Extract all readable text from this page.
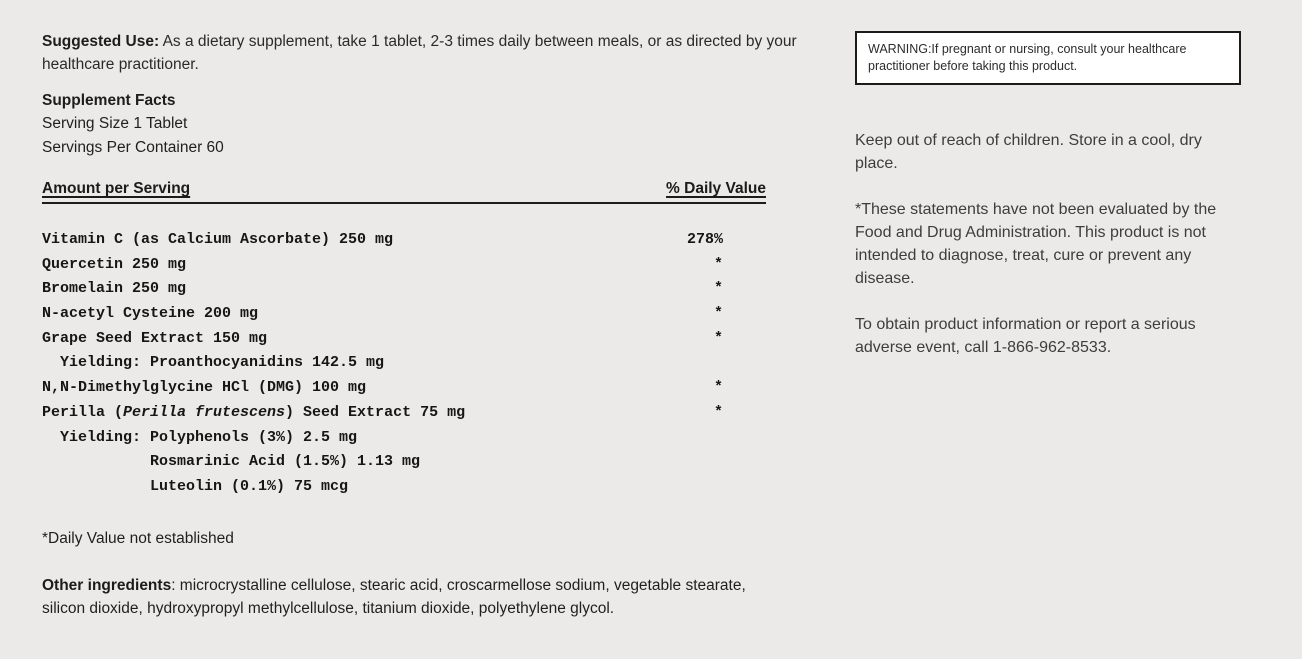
Suggested Use: As a dietary supplement, take 1 tablet, 2-3 times daily between meals, or as directed by your healthcare practitioner.

Supplement Facts
Serving Size 1 Tablet
Servings Per Container 60
Amount per Serving	% Daily Value
Vitamin C (as Calcium Ascorbate) 250 mg	278%
Quercetin 250 mg	*
Bromelain 250 mg	*
N-acetyl Cysteine 200 mg	*
Grape Seed Extract 150 mg	*
Yielding: Proanthocyanidins 142.5 mg
N,N-Dimethylglycine HCl (DMG) 100 mg	*
Perilla (Perilla frutescens) Seed Extract 75 mg	*
Yielding: Polyphenols (3%) 2.5 mg
Rosmarinic Acid (1.5%) 1.13 mg
Luteolin (0.1%) 75 mcg
*Daily Value not established

Other ingredients: microcrystalline cellulose, stearic acid, croscarmellose sodium, vegetable stearate, silicon dioxide, hydroxypropyl methylcellulose, titanium dioxide, polyethylene glycol.

WARNING:If pregnant or nursing, consult your healthcare practitioner before taking this product.

Keep out of reach of children. Store in a cool, dry place.

*These statements have not been evaluated by the Food and Drug Administration. This product is not intended to diagnose, treat, cure or prevent any disease.

To obtain product information or report a serious adverse event, call 1-866-962-8533.
